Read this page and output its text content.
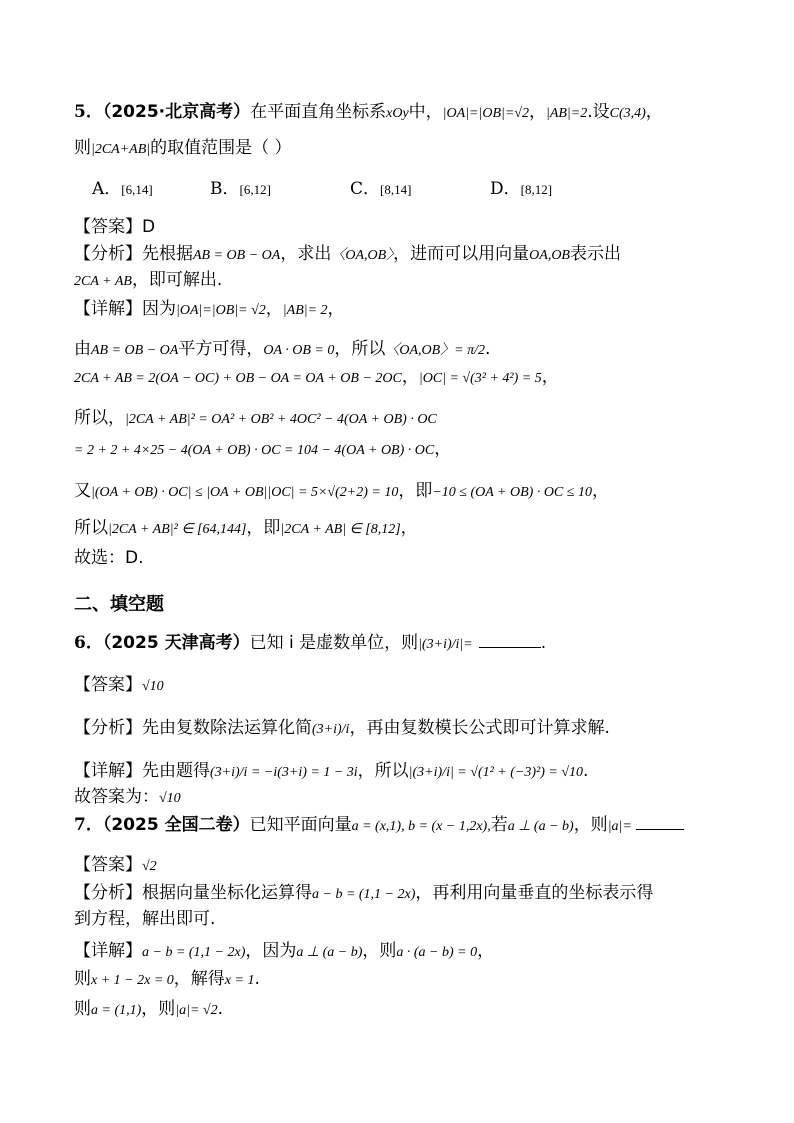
5．（2025·北京高考）在平面直角坐标系xOy中，|OA|=|OB|=√2，|AB|=2.设C(3,4)，
则|2CA+AB|的取值范围是（ ）
A．[6,14]	B．[6,12]	C．[8,14]	D．[8,12]
【答案】D
【分析】先根据AB = OB − OA，求出〈OA,OB〉，进而可以用向量OA,OB表示出
2CA + AB，即可解出.
【详解】因为|OA|=|OB|= √2，|AB|= 2，
由AB = OB − OA平方可得，OA · OB = 0，所以〈OA,OB〉= π/2.
2CA + AB = 2(OA − OC) + OB − OA = OA + OB − 2OC，|OC| = √(3² + 4²) = 5，
所以，|2CA + AB|² = OA² + OB² + 4OC² − 4(OA + OB) · OC
= 2 + 2 + 4×25 − 4(OA + OB) · OC = 104 − 4(OA + OB) · OC，
又|(OA + OB) · OC| ≤ |OA + OB||OC| = 5×√(2+2) = 10，即−10 ≤ (OA + OB) · OC ≤ 10，
所以|2CA + AB|² ∈ [64,144]，即|2CA + AB| ∈ [8,12]，
故选：D.
二、填空题
6．（2025 天津高考）已知 i 是虚数单位，则|(3+i)/i|=	.
【答案】√10
【分析】先由复数除法运算化简(3+i)/i，再由复数模长公式即可计算求解.
【详解】先由题得(3+i)/i = −i(3+i) = 1 − 3i，所以|(3+i)/i| = √(1² + (−3)²) = √10.
故答案为：√10
7．（2025 全国二卷）已知平面向量a = (x,1), b = (x − 1,2x),若a ⊥ (a − b)，则|a|=
【答案】√2
【分析】根据向量坐标化运算得a − b = (1,1 − 2x)，再利用向量垂直的坐标表示得
到方程，解出即可.
【详解】a − b = (1,1 − 2x)，因为a ⊥ (a − b)，则a · (a − b) = 0，
则x + 1 − 2x = 0，解得x = 1.
则a = (1,1)，则|a|= √2.
